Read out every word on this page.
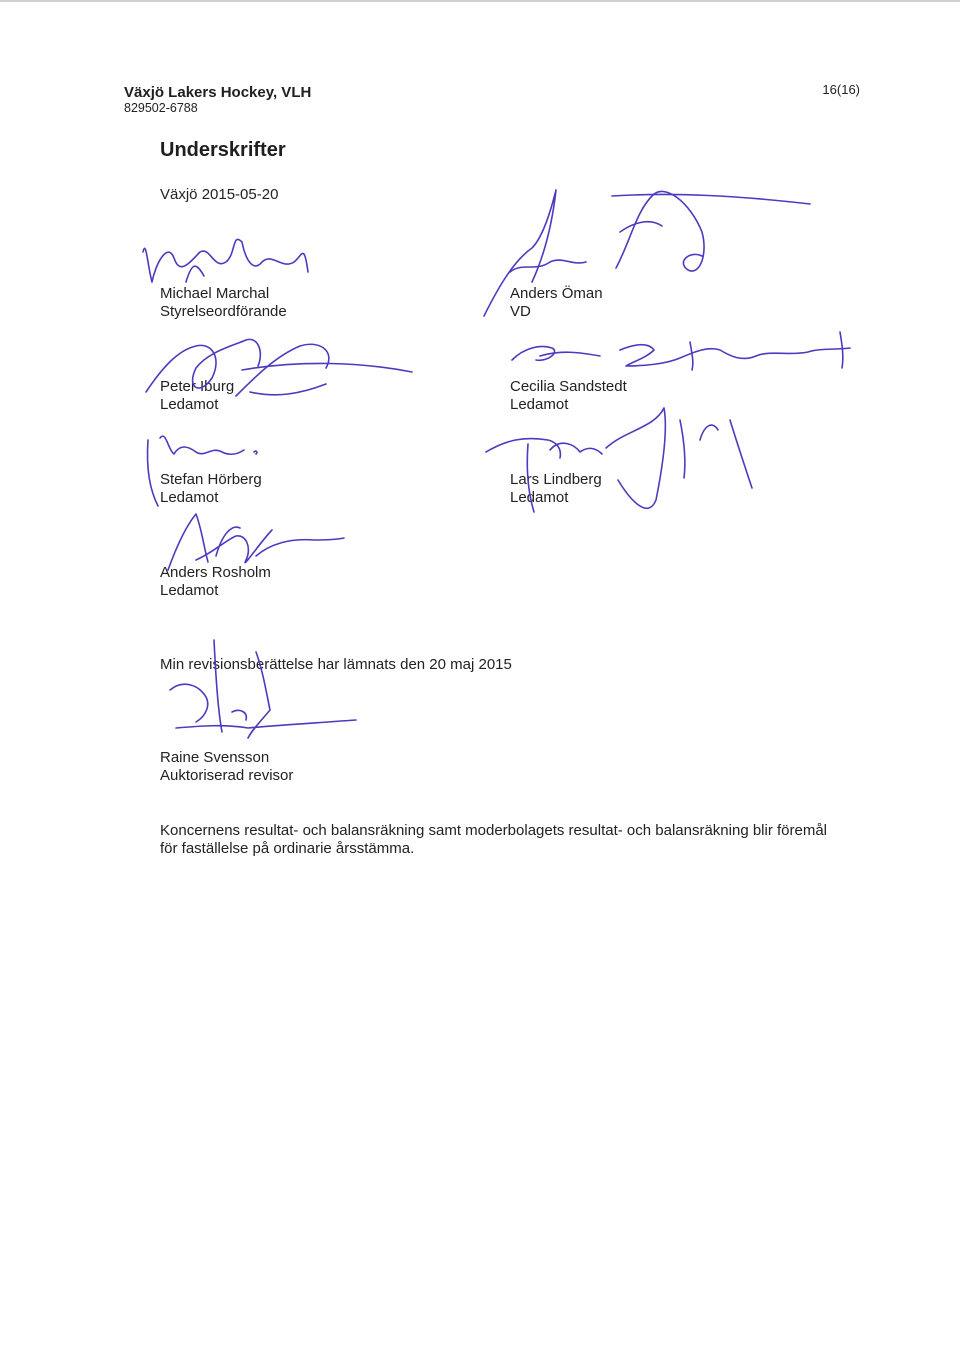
Växjö Lakers Hockey, VLH
829502-6788
16(16)
Underskrifter
Växjö 2015-05-20
Michael Marchal
Styrelseordförande
Anders Öman
VD
Peter Iburg
Ledamot
Cecilia Sandstedt
Ledamot
Stefan Hörberg
Ledamot
Lars Lindberg
Ledamot
Anders Rosholm
Ledamot
Min revisionsberättelse har lämnats den 20 maj 2015
Raine Svensson
Auktoriserad revisor
Koncernens resultat- och balansräkning samt moderbolagets resultat- och balansräkning blir föremål
för faställelse på ordinarie årsstämma.
